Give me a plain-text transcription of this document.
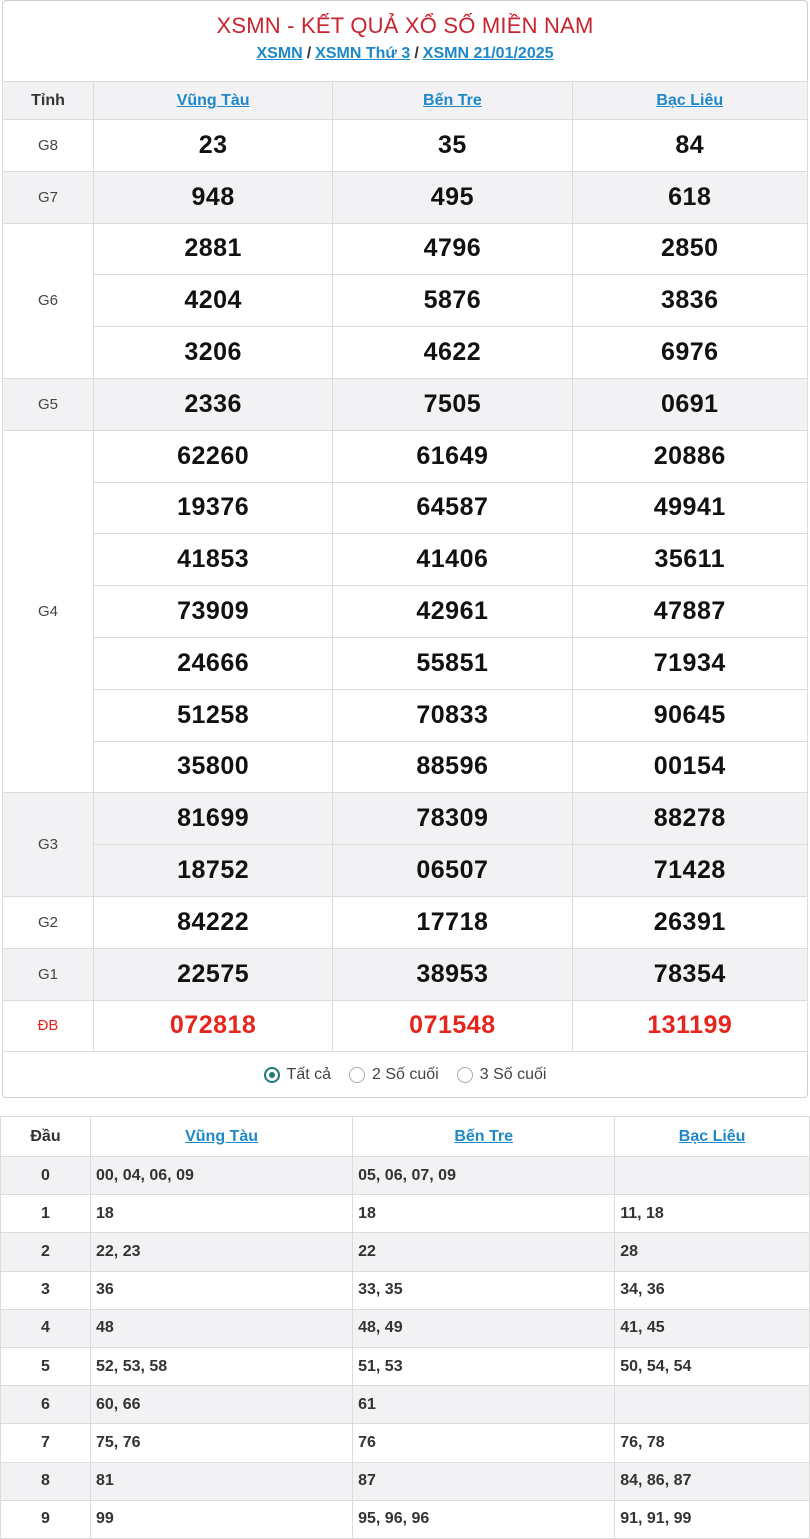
XSMN - KẾT QUẢ XỔ SỐ MIỀN NAM
XSMN / XSMN Thứ 3 / XSMN 21/01/2025
Tỉnh	Vũng Tàu	Bến Tre	Bạc Liêu
G8	23	35	84
G7	948	495	618
G6	2881	4796	2850
	4204	5876	3836
	3206	4622	6976
G5	2336	7505	0691
G4	62260	61649	20886
	19376	64587	49941
	41853	41406	35611
	73909	42961	47887
	24666	55851	71934
	51258	70833	90645
	35800	88596	00154
G3	81699	78309	88278
	18752	06507	71428
G2	84222	17718	26391
G1	22575	38953	78354
ĐB	072818	071548	131199
Tất cả	2 Số cuối	3 Số cuối
Đầu	Vũng Tàu	Bến Tre	Bạc Liêu
0	00, 04, 06, 09	05, 06, 07, 09	
1	18	18	11, 18
2	22, 23	22	28
3	36	33, 35	34, 36
4	48	48, 49	41, 45
5	52, 53, 58	51, 53	50, 54, 54
6	60, 66	61	
7	75, 76	76	76, 78
8	81	87	84, 86, 87
9	99	95, 96, 96	91, 91, 99
